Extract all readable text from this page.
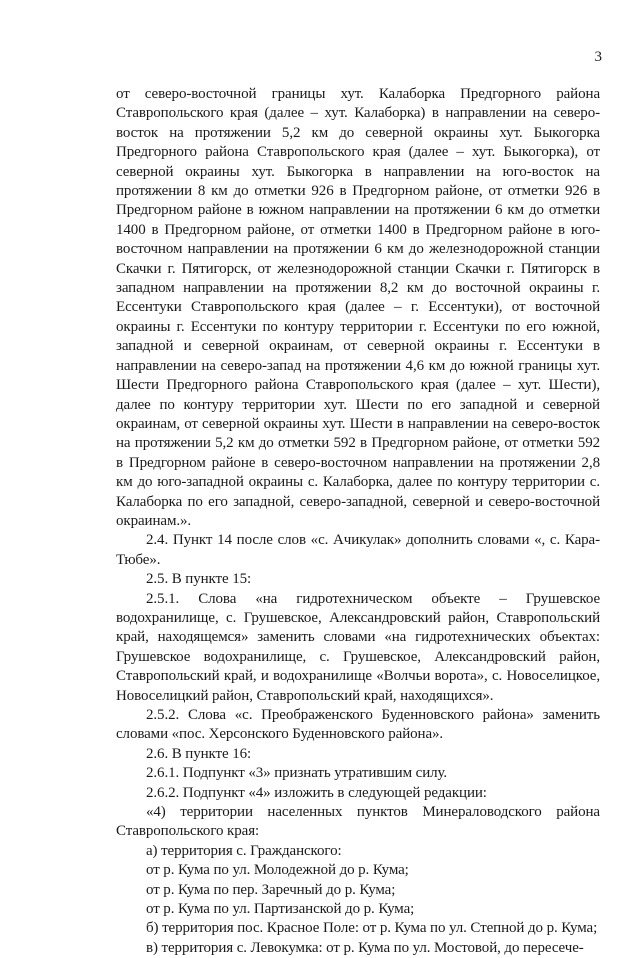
3

от северо-восточной границы хут. Калаборка Предгорного района Ставропольского края (далее – хут. Калаборка) в направлении на северо-восток на протяжении 5,2 км до северной окраины хут. Быкогорка Предгорного района Ставропольского края (далее – хут. Быкогорка), от северной окраины хут. Быкогорка в направлении на юго-восток на протяжении 8 км до отметки 926 в Предгорном районе, от отметки 926 в Предгорном районе в южном направлении на протяжении 6 км до отметки 1400 в Предгорном районе, от отметки 1400 в Предгорном районе в юго-восточном направлении на протяжении 6 км до железнодорожной станции Скачки г. Пятигорск, от железнодорожной станции Скачки г. Пятигорск в западном направлении на протяжении 8,2 км до восточной окраины г. Ессентуки Ставропольского края (далее – г. Ессентуки), от восточной окраины г. Ессентуки по контуру территории г. Ессентуки по его южной, западной и северной окраинам, от северной окраины г. Ессентуки в направлении на северо-запад на протяжении 4,6 км до южной границы хут. Шести Предгорного района Ставропольского края (далее – хут. Шести), далее по контуру территории хут. Шести по его западной и северной окраинам, от северной окраины хут. Шести в направлении на северо-восток на протяжении 5,2 км до отметки 592 в Предгорном районе, от отметки 592 в Предгорном районе в северо-восточном направлении на протяжении 2,8 км до юго-западной окраины с. Калаборка, далее по контуру территории с. Калаборка по его западной, северо-западной, северной и северо-восточной окраинам.».

2.4. Пункт 14 после слов «с. Ачикулак» дополнить словами «, с. Кара-Тюбе».

2.5. В пункте 15:

2.5.1. Слова «на гидротехническом объекте – Грушевское водохранилище, с. Грушевское, Александровский район, Ставропольский край, находящемся» заменить словами «на гидротехнических объектах: Грушевское водохранилище, с. Грушевское, Александровский район, Ставропольский край, и водохранилище «Волчьи ворота», с. Новоселицкое, Новоселицкий район, Ставропольский край, находящихся».

2.5.2. Слова «с. Преображенского Буденновского района» заменить словами «пос. Херсонского Буденновского района».

2.6. В пункте 16:

2.6.1. Подпункт «3» признать утратившим силу.

2.6.2. Подпункт «4» изложить в следующей редакции:

«4) территории населенных пунктов Минераловодского района Ставропольского края:

а) территория с. Гражданского:

от р. Кума по ул. Молодежной до р. Кума;

от р. Кума по пер. Заречный до р. Кума;

от р. Кума по ул. Партизанской до р. Кума;

б) территория пос. Красное Поле: от р. Кума по ул. Степной до р. Кума;

в) территория с. Левокумка: от р. Кума по ул. Мостовой, до пересече-
